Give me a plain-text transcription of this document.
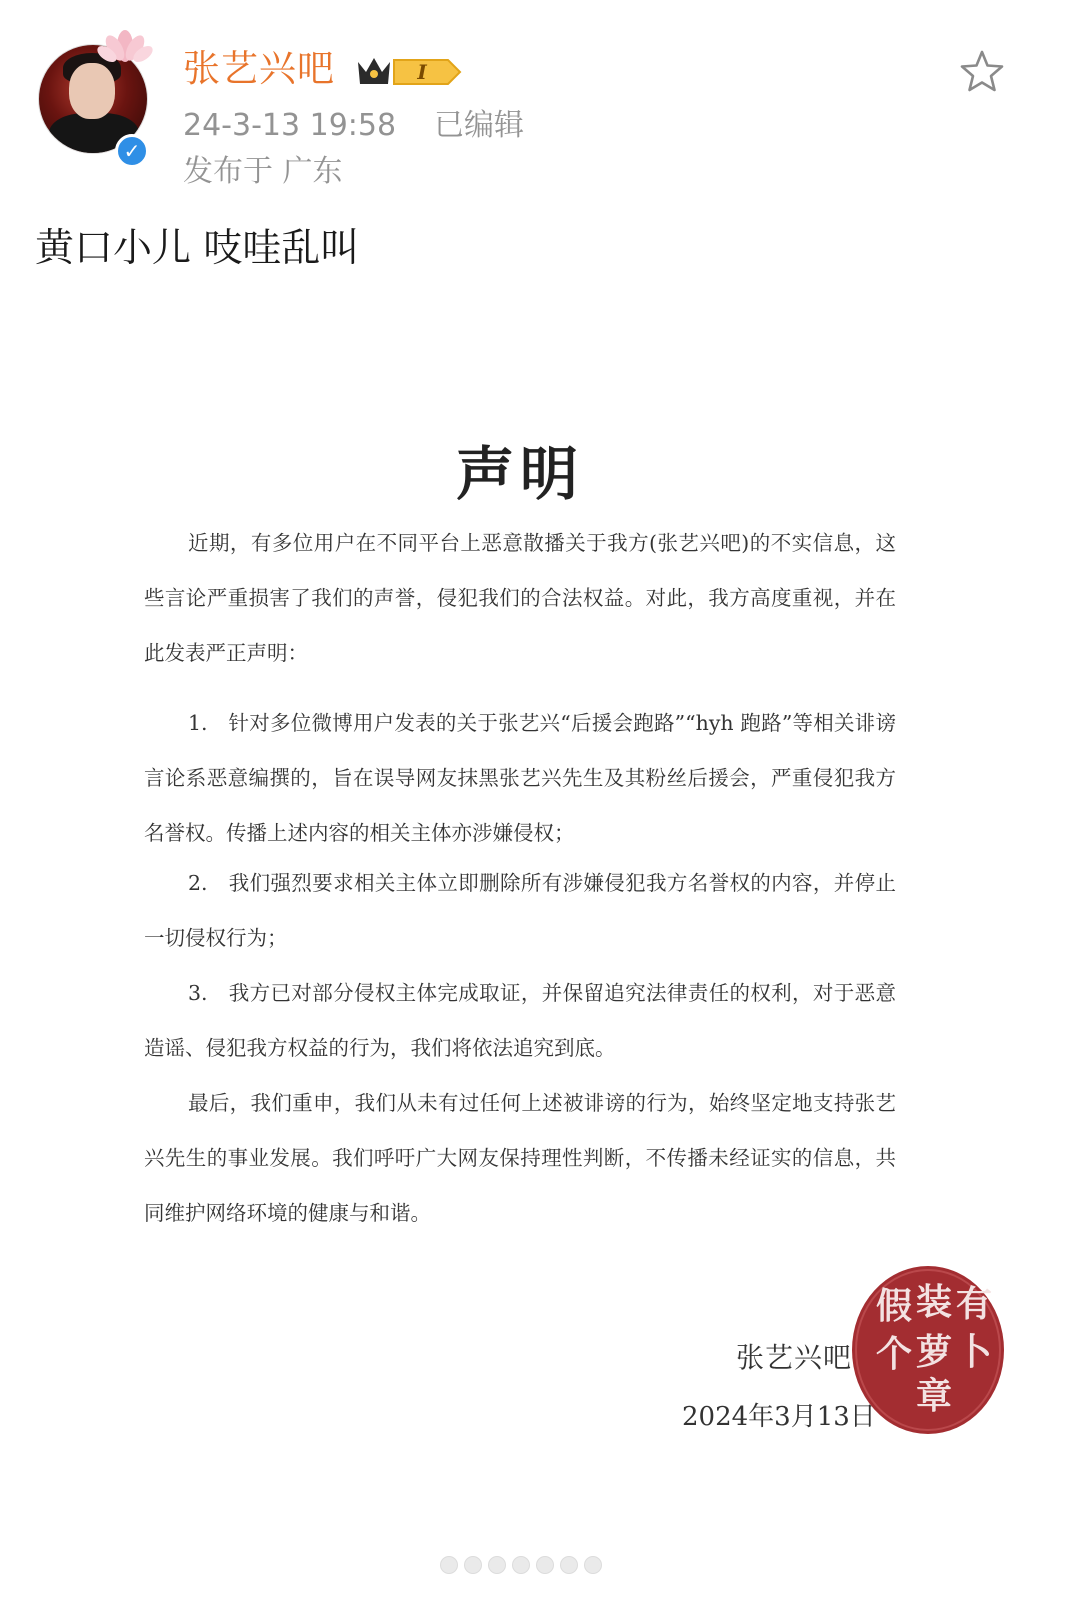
✓
张艺兴吧	I
24-3-13 19:58 已编辑
发布于 广东
黄口小儿 吱哇乱叫
声明
近期，有多位用户在不同平台上恶意散播关于我方(张艺兴吧)的不实信息，这些言论严重损害了我们的声誉，侵犯我们的合法权益。对此，我方高度重视，并在此发表严正声明：
1.　针对多位微博用户发表的关于张艺兴“后援会跑路”“hyh 跑路”等相关诽谤言论系恶意编撰的，旨在误导网友抹黑张艺兴先生及其粉丝后援会，严重侵犯我方名誉权。传播上述内容的相关主体亦涉嫌侵权；
2.　我们强烈要求相关主体立即删除所有涉嫌侵犯我方名誉权的内容，并停止一切侵权行为；
3.　我方已对部分侵权主体完成取证，并保留追究法律责任的权利，对于恶意造谣、侵犯我方权益的行为，我们将依法追究到底。
最后，我们重申，我们从未有过任何上述被诽谤的行为，始终坚定地支持张艺兴先生的事业发展。我们呼吁广大网友保持理性判断，不传播未经证实的信息，共同维护网络环境的健康与和谐。
张艺兴吧
2024年3月13日
假 装 有
个 萝 卜
章
